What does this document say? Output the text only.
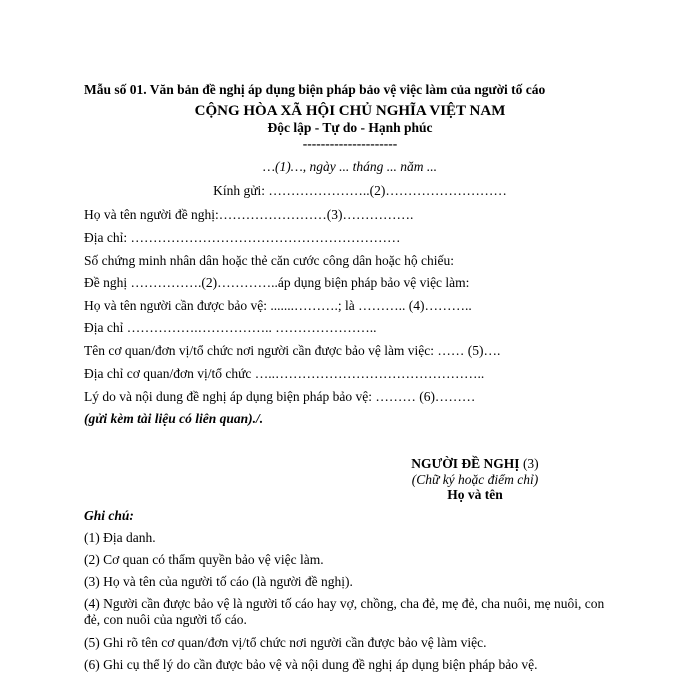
Mẫu số 01. Văn bản đề nghị áp dụng biện pháp bảo vệ việc làm của người tố cáo
CỘNG HÒA XÃ HỘI CHỦ NGHĨA VIỆT NAM
Độc lập - Tự do - Hạnh phúc
---------------------
…(1)…, ngày ... tháng ... năm ...
Kính gửi: …………………..(2)………………………
Họ và tên người đề nghị:……………………(3)…………….
Địa chỉ: ……………………………………………………
Số chứng minh nhân dân hoặc thẻ căn cước công dân hoặc hộ chiếu:
Đề nghị …………….(2)…………..áp dụng biện pháp bảo vệ việc làm:
Họ và tên người cần được bảo vệ: .......……….; là ……….. (4)………..
Địa chỉ …………….…………….. …………………..
Tên cơ quan/đơn vị/tổ chức nơi người cần được bảo vệ làm việc: …… (5)….
Địa chỉ cơ quan/đơn vị/tổ chức …..………………………………………..
Lý do và nội dung đề nghị áp dụng biện pháp bảo vệ: ……… (6)………
(gửi kèm tài liệu có liên quan)./.
NGƯỜI ĐỀ NGHỊ (3)
(Chữ ký hoặc điểm chỉ)
Họ và tên
Ghi chú:
(1) Địa danh.
(2) Cơ quan có thẩm quyền bảo vệ việc làm.
(3) Họ và tên của người tố cáo (là người đề nghị).
(4) Người cần được bảo vệ là người tố cáo hay vợ, chồng, cha đẻ, mẹ đẻ, cha nuôi, mẹ nuôi, con đẻ, con nuôi của người tố cáo.
(5) Ghi rõ tên cơ quan/đơn vị/tổ chức nơi người cần được bảo vệ làm việc.
(6) Ghi cụ thể lý do cần được bảo vệ và nội dung đề nghị áp dụng biện pháp bảo vệ.
